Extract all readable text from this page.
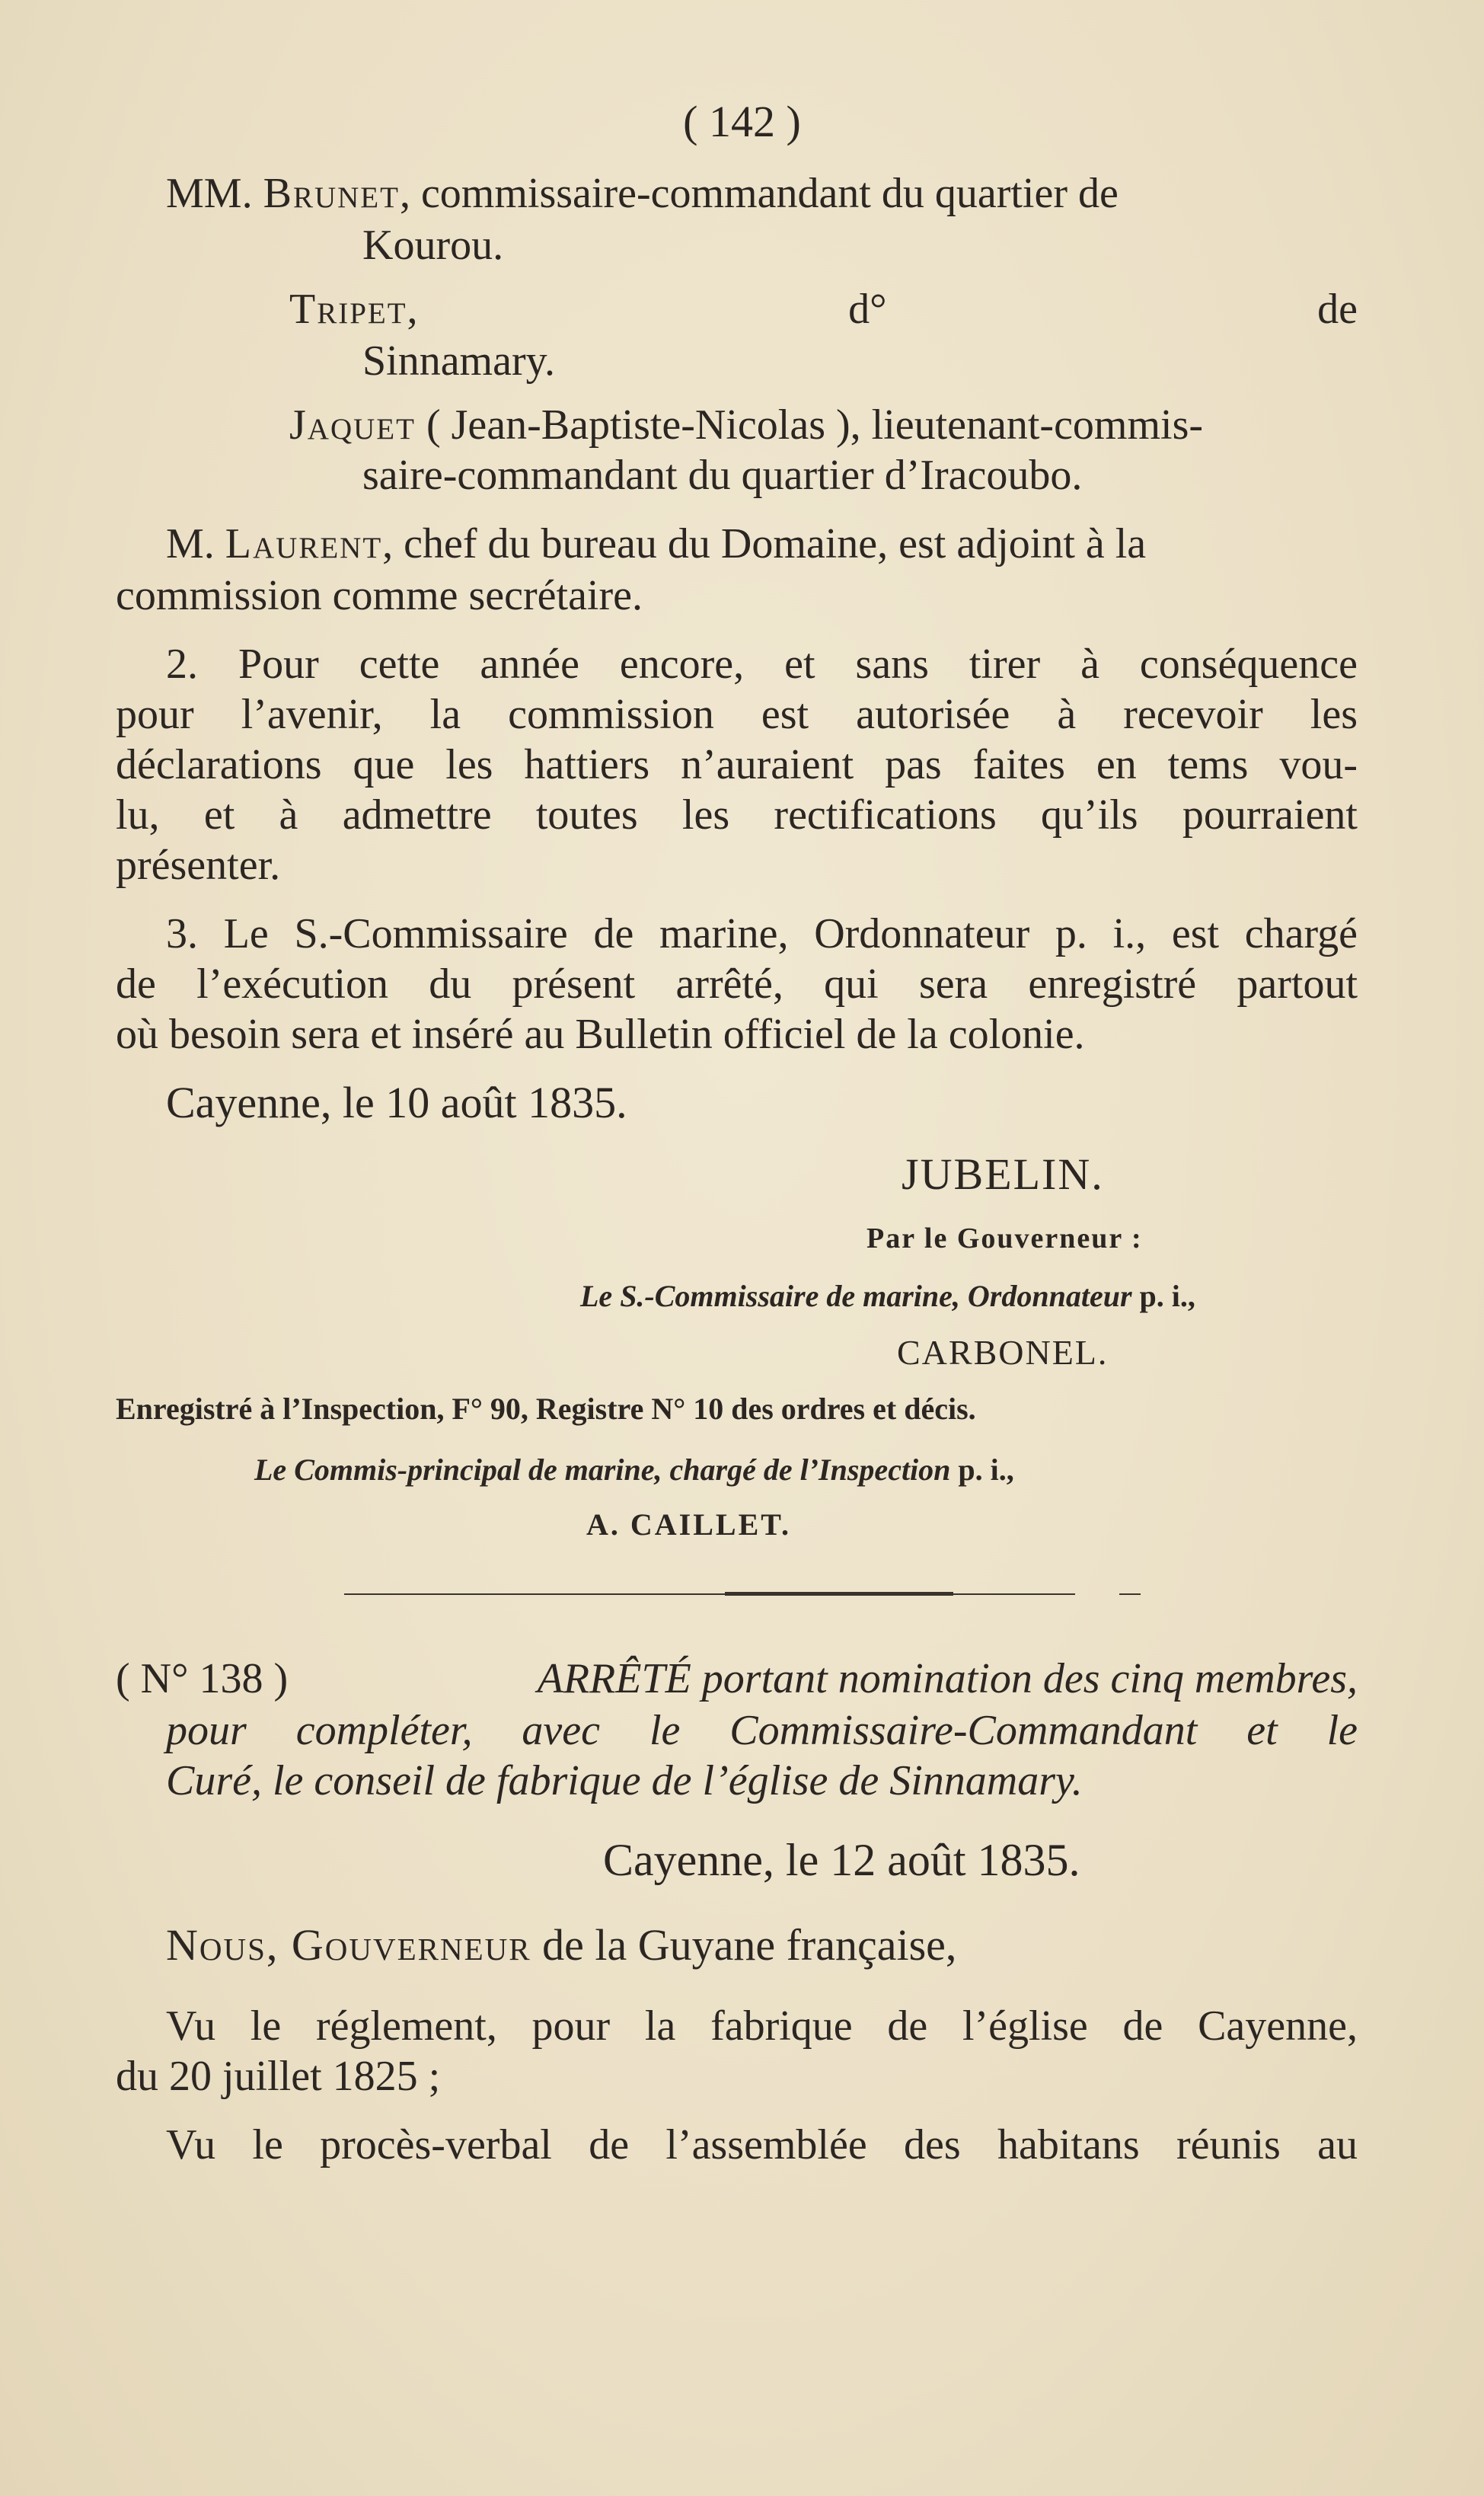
( 142 )
MM. Brunet, commissaire-commandant du quartier de
Kourou.
Tripet,	d°	de
Sinnamary.
Jaquet ( Jean-Baptiste-Nicolas ), lieutenant-commis-
saire-commandant du quartier d’Iracoubo.
M. Laurent, chef du bureau du Domaine, est adjoint à la
commission comme secrétaire.
2. Pour cette année encore, et sans tirer à conséquence
pour l’avenir, la commission est autorisée à recevoir les
déclarations que les hattiers n’auraient pas faites en tems vou-
lu, et à admettre toutes les rectifications qu’ils pourraient
présenter.
3. Le S.-Commissaire de marine, Ordonnateur p. i., est chargé
de l’exécution du présent arrêté, qui sera enregistré partout
où besoin sera et inséré au Bulletin officiel de la colonie.
Cayenne, le 10 août 1835.
JUBELIN.
Par le Gouverneur :
Le S.-Commissaire de marine, Ordonnateur p. i.,
CARBONEL.
Enregistré à l’Inspection, F° 90, Registre N° 10 des ordres et décis.
Le Commis-principal de marine, chargé de l’Inspection p. i.,
A. CAILLET.
( N° 138 )	ARRÊTÉ portant nomination des cinq membres,
pour compléter, avec le Commissaire-Commandant et le
Curé, le conseil de fabrique de l’église de Sinnamary.
Cayenne, le 12 août 1835.
Nous, Gouverneur de la Guyane française,
Vu le réglement, pour la fabrique de l’église de Cayenne,
du 20 juillet 1825 ;
Vu le procès-verbal de l’assemblée des habitans réunis au
